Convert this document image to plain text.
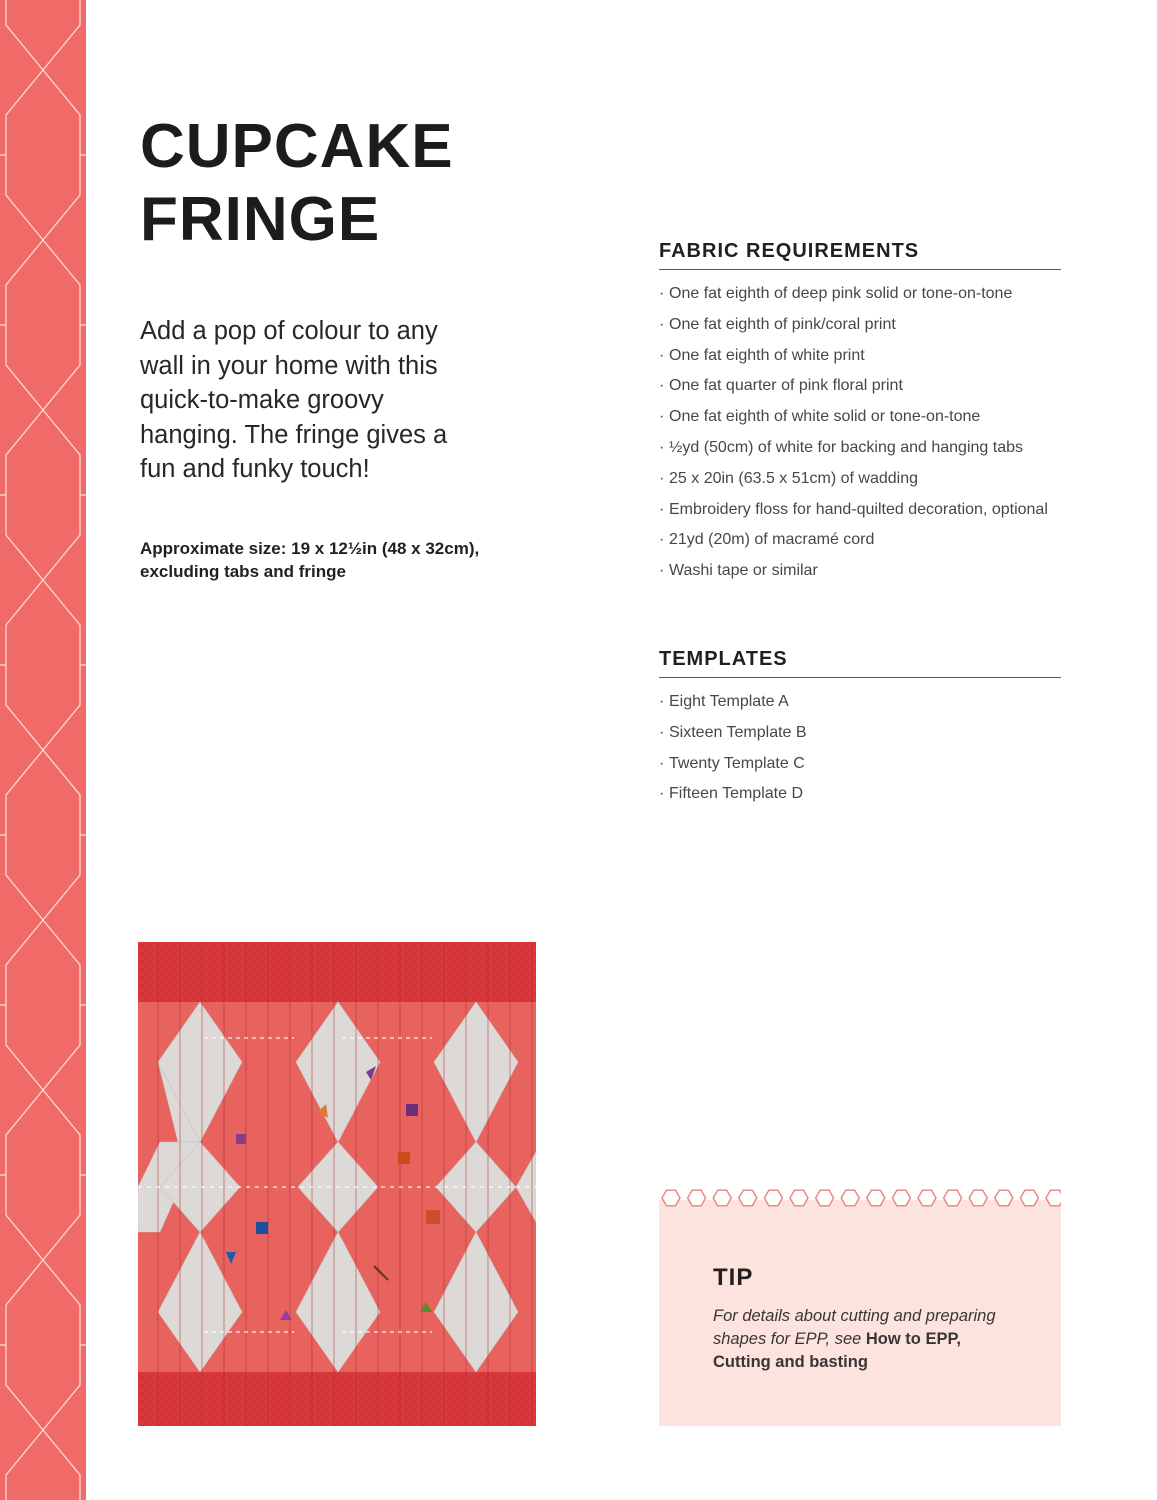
CUPCAKE
FRINGE

Add a pop of colour to any wall in your home with this quick-to-make groovy hanging. The fringe gives a fun and funky touch!

Approximate size: 19 x 12½in (48 x 32cm), excluding tabs and fringe

FABRIC REQUIREMENTS
· One fat eighth of deep pink solid or tone-on-tone
· One fat eighth of pink/coral print
· One fat eighth of white print
· One fat quarter of pink floral print
· One fat eighth of white solid or tone-on-tone
· ½yd (50cm) of white for backing and hanging tabs
· 25 x 20in (63.5 x 51cm) of wadding
· Embroidery floss for hand-quilted decoration, optional
· 21yd (20m) of macramé cord
· Washi tape or similar
TEMPLATES
· Eight Template A
· Sixteen Template B
· Twenty Template C
· Fifteen Template D
TIP

For details about cutting and preparing shapes for EPP, see How to EPP, Cutting and basting
